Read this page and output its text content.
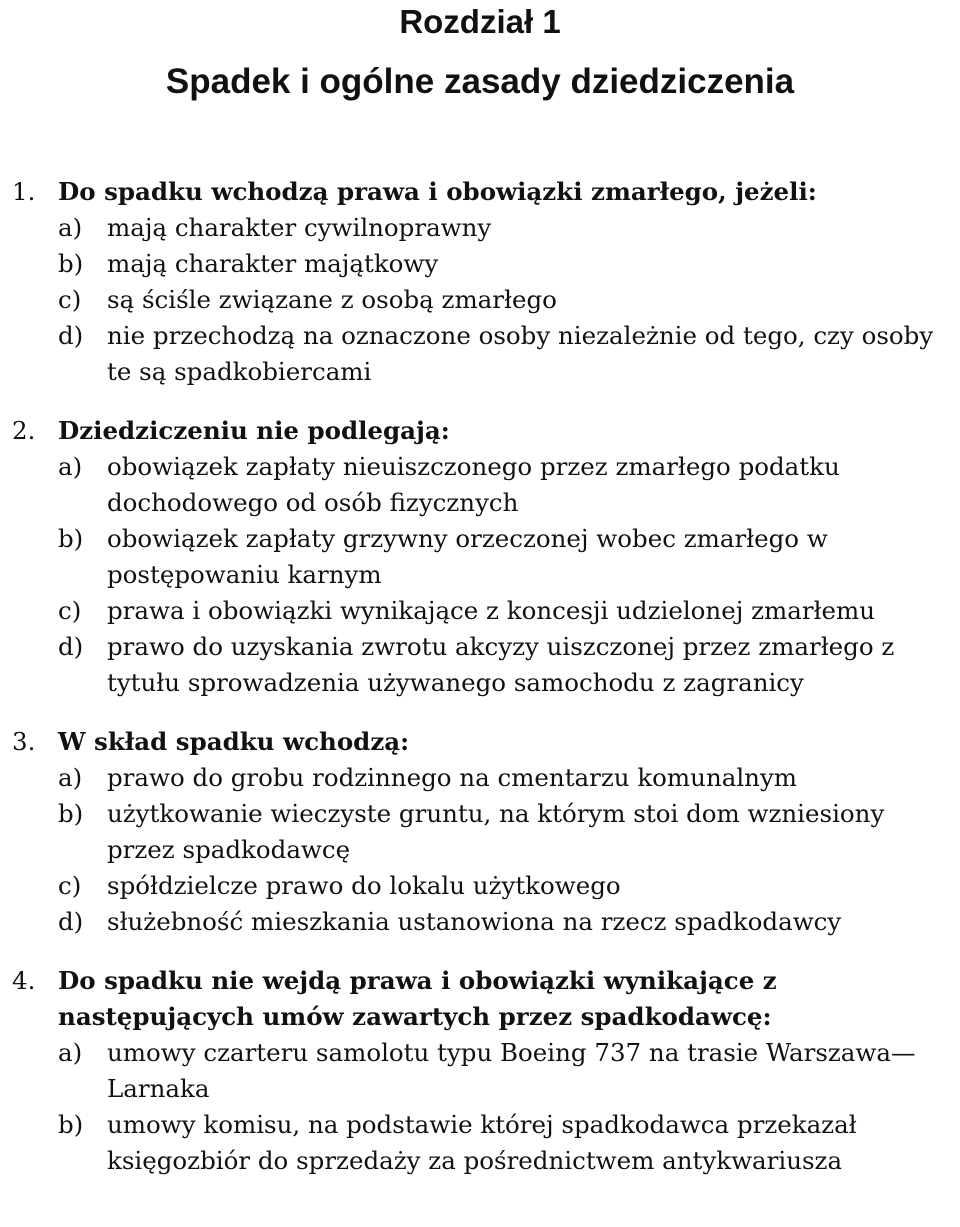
Rozdział 1
Spadek i ogólne zasady dziedziczenia
1. Do spadku wchodzą prawa i obowiązki zmarłego, jeżeli:
a) mają charakter cywilnoprawny
b) mają charakter majątkowy
c) są ściśle związane z osobą zmarłego
d) nie przechodzą na oznaczone osoby niezależnie od tego, czy osoby te są spadkobiercami
2. Dziedziczeniu nie podlegają:
a) obowiązek zapłaty nieuiszczonego przez zmarłego podatku dochodowego od osób fizycznych
b) obowiązek zapłaty grzywny orzeczonej wobec zmarłego w postępowaniu karnym
c) prawa i obowiązki wynikające z koncesji udzielonej zmarłemu
d) prawo do uzyskania zwrotu akcyzy uiszczonej przez zmarłego z tytułu sprowadzenia używanego samochodu z zagranicy
3. W skład spadku wchodzą:
a) prawo do grobu rodzinnego na cmentarzu komunalnym
b) użytkowanie wieczyste gruntu, na którym stoi dom wzniesiony przez spadkodawcę
c) spółdzielcze prawo do lokalu użytkowego
d) służebność mieszkania ustanowiona na rzecz spadkodawcy
4. Do spadku nie wejdą prawa i obowiązki wynikające z następujących umów zawartych przez spadkodawcę:
a) umowy czarteru samolotu typu Boeing 737 na trasie Warszawa—Larnaka
b) umowy komisu, na podstawie której spadkodawca przekazał księgozbiór do sprzedaży za pośrednictwem antykwariusza
